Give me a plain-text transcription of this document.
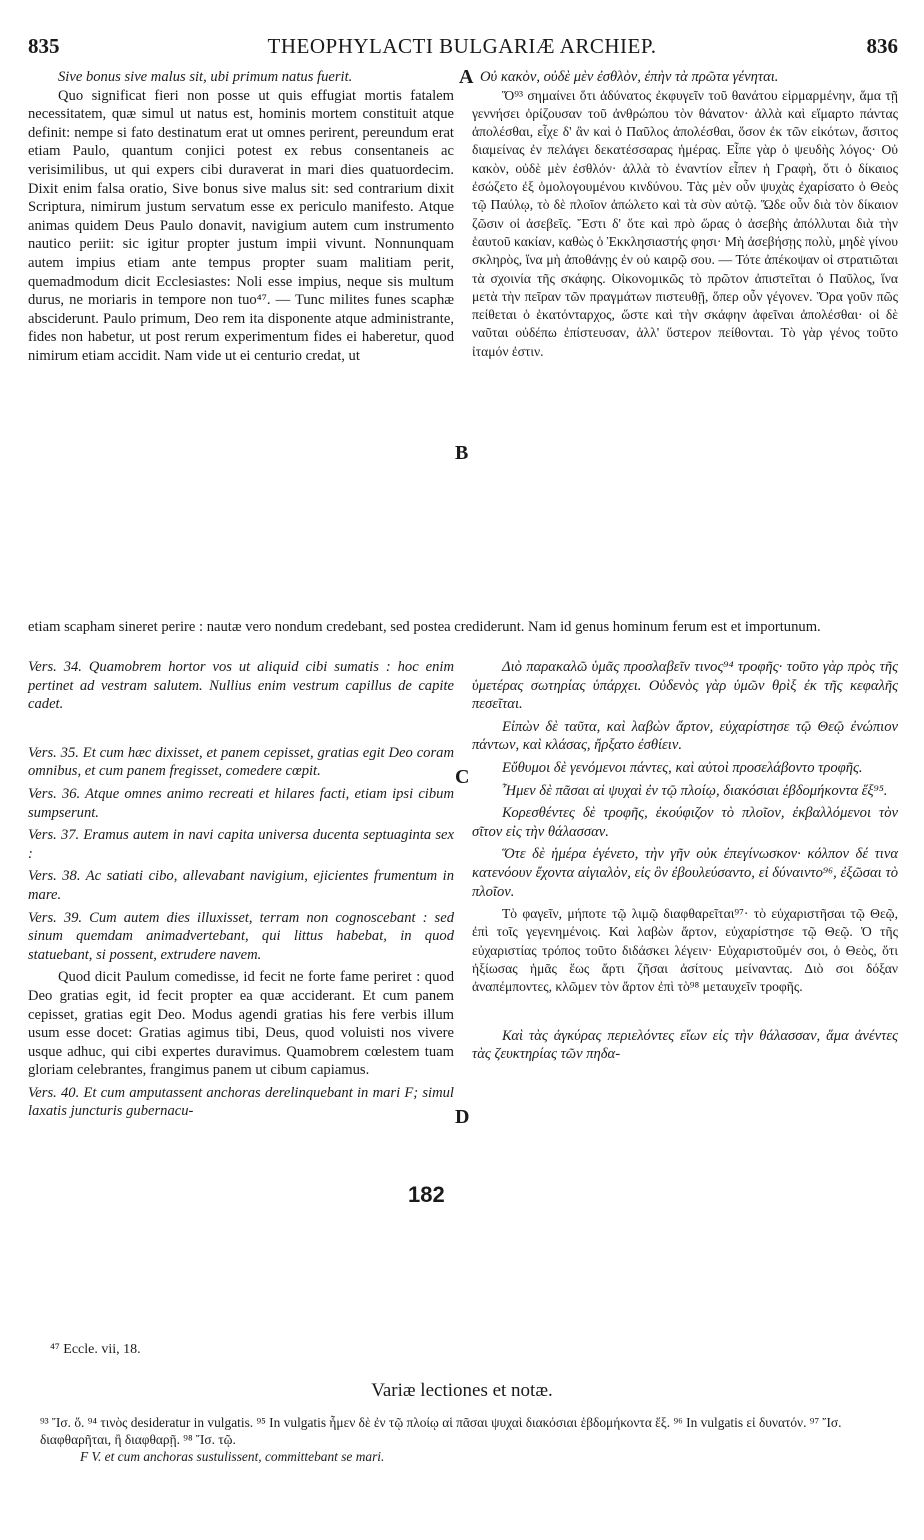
835	THEOPHYLACTI BULGARIÆ ARCHIEP.	836
A
B
C
D

Sive bonus sive malus sit, ubi primum natus fuerit.

Quo significat fieri non posse ut quis effugiat mortis fatalem necessitatem, quæ simul ut natus est, hominis mortem constituit atque definit: nempe si fato destinatum erat ut omnes perirent, pereundum erat etiam Paulo, quantum conjici potest ex rebus consentaneis ac verisimilibus, ut qui expers cibi duraverat in mari dies quatuordecim. Dixit enim falsa oratio, Sive bonus sive malus sit: sed contrarium dixit Scriptura, nimirum justum servatum esse ex periculo manifesto. Atque animas quidem Deus Paulo donavit, navigium autem cum instrumento nautico periit: sic igitur propter justum impii vivunt. Nonnunquam autem impius etiam ante tempus propter suam malitiam perit, quemadmodum dicit Ecclesiastes: Noli esse impius, neque sis multum durus, ne moriaris in tempore non tuo⁴⁷. — Tunc milites funes scaphæ absciderunt. Paulo primum, Deo rem ita disponente atque administrante, fides non habetur, ut post rerum experimentum fides ei haberetur, quod nimirum etiam accidit. Nam vide ut ei centurio credat, ut

etiam scapham sineret perire : nautæ vero nondum credebant, sed postea crediderunt. Nam id genus hominum ferum est et importunum.

Vers. 34. Quamobrem hortor vos ut aliquid cibi sumatis : hoc enim pertinet ad vestram salutem. Nullius enim vestrum capillus de capite cadet.

Vers. 35. Et cum hæc dixisset, et panem cepisset, gratias egit Deo coram omnibus, et cum panem fregisset, comedere cœpit.

Vers. 36. Atque omnes animo recreati et hilares facti, etiam ipsi cibum sumpserunt.

Vers. 37. Eramus autem in navi capita universa ducenta septuaginta sex :

Vers. 38. Ac satiati cibo, allevabant navigium, ejicientes frumentum in mare.

Vers. 39. Cum autem dies illuxisset, terram non cognoscebant : sed sinum quemdam animadvertebant, qui littus habebat, in quod statuebant, si possent, extrudere navem.

Quod dicit Paulum comedisse, id fecit ne forte fame periret : quod Deo gratias egit, id fecit propter ea quæ acciderant. Et cum panem cepisset, gratias egit Deo. Modus agendi gratias his fere verbis illum usum esse docet: Gratias agimus tibi, Deus, quod voluisti nos vivere usque adhuc, qui cibi expertes duravimus. Quamobrem cœlestem tuam gloriam celebrantes, frangimus panem ut cibum capiamus.

Vers. 40. Et cum amputassent anchoras derelinquebant in mari F; simul laxatis juncturis gubernacu-

182

Οὐ κακὸν, οὐδὲ μὲν ἐσθλὸν, ἐπὴν τὰ πρῶτα γένηται.

Ὅ⁹³ σημαίνει ὅτι ἀδύνατος ἐκφυγεῖν τοῦ θανάτου εἱρμαρμένην, ἅμα τῇ γεννήσει ὁρίζουσαν τοῦ ἀνθρώπου τὸν θάνατον· ἀλλὰ καὶ εἵμαρτο πάντας ἀπολέσθαι, εἶχε δ' ἂν καὶ ὁ Παῦλος ἀπολέσθαι, ὅσον ἐκ τῶν εἰκότων, ἄσιτος διαμείνας ἐν πελάγει δεκατέσσαρας ἡμέρας. Εἶπε γὰρ ὁ ψευδὴς λόγος· Οὐ κακὸν, οὐδὲ μὲν ἐσθλόν· ἀλλὰ τὸ ἐναντίον εἶπεν ἡ Γραφὴ, ὅτι ὁ δίκαιος ἐσώζετο ἐξ ὁμολογουμένου κινδύνου. Τὰς μὲν οὖν ψυχὰς ἐχαρίσατο ὁ Θεὸς τῷ Παύλῳ, τὸ δὲ πλοῖον ἀπώλετο καὶ τὰ σὺν αὐτῷ. Ὥδε οὖν διὰ τὸν δίκαιον ζῶσιν οἱ ἀσεβεῖς. Ἔστι δ' ὅτε καὶ πρὸ ὥρας ὁ ἀσεβὴς ἀπόλλυται διὰ τὴν ἑαυτοῦ κακίαν, καθὼς ὁ Ἐκκλησιαστής φησι· Μὴ ἀσεβήσῃς πολὺ, μηδὲ γίνου σκληρὸς, ἵνα μὴ ἀποθάνῃς ἐν οὐ καιρῷ σου. — Τότε ἀπέκοψαν οἱ στρατιῶται τὰ σχοινία τῆς σκάφης. Οἰκονομικῶς τὸ πρῶτον ἀπιστεῖται ὁ Παῦλος, ἵνα μετὰ τὴν πεῖραν τῶν πραγμάτων πιστευθῇ, ὅπερ οὖν γέγονεν. Ὅρα γοῦν πῶς πείθεται ὁ ἑκατόνταρχος, ὥστε καὶ τὴν σκάφην ἀφεῖναι ἀπολέσθαι· οἱ δὲ ναῦται οὐδέπω ἐπίστευσαν, ἀλλ' ὕστερον πείθονται. Τὸ γὰρ γένος τοῦτο ἰταμόν ἐστιν.

Διὸ παρακαλῶ ὑμᾶς προσλαβεῖν τινος⁹⁴ τροφῆς· τοῦτο γὰρ πρὸς τῆς ὑμετέρας σωτηρίας ὑπάρχει. Οὐδενὸς γὰρ ὑμῶν θρὶξ ἐκ τῆς κεφαλῆς πεσεῖται.

Εἰπὼν δὲ ταῦτα, καὶ λαβὼν ἄρτον, εὐχαρίστησε τῷ Θεῷ ἐνώπιον πάντων, καὶ κλάσας, ἤρξατο ἐσθίειν.

Εὔθυμοι δὲ γενόμενοι πάντες, καὶ αὐτοὶ προσελάβοντο τροφῆς.

Ἦμεν δὲ πᾶσαι αἱ ψυχαὶ ἐν τῷ πλοίῳ, διακόσιαι ἑβδομήκοντα ἕξ⁹⁵.

Κορεσθέντες δὲ τροφῆς, ἐκούφιζον τὸ πλοῖον, ἐκβαλλόμενοι τὸν σῖτον εἰς τὴν θάλασσαν.

Ὅτε δὲ ἡμέρα ἐγένετο, τὴν γῆν οὐκ ἐπεγίνωσκον· κόλπον δέ τινα κατενόουν ἔχοντα αἰγιαλὸν, εἰς ὃν ἐβουλεύσαντο, εἰ δύναιντο⁹⁶, ἐξῶσαι τὸ πλοῖον.

Τὸ φαγεῖν, μήποτε τῷ λιμῷ διαφθαρεῖται⁹⁷· τὸ εὐχαριστῆσαι τῷ Θεῷ, ἐπὶ τοῖς γεγενημένοις. Καὶ λαβὼν ἄρτον, εὐχαρίστησε τῷ Θεῷ. Ὁ τῆς εὐχαριστίας τρόπος τοῦτο διδάσκει λέγειν· Εὐχαριστοῦμέν σοι, ὁ Θεὸς, ὅτι ἠξίωσας ἡμᾶς ἕως ἄρτι ζῆσαι ἀσίτους μείναντας. Διὸ σοι δόξαν ἀναπέμποντες, κλῶμεν τὸν ἄρτον ἐπὶ τὸ⁹⁸ μεταυχεῖν τροφῆς.

Καὶ τὰς ἀγκύρας περιελόντες εἴων εἰς τὴν θάλασσαν, ἅμα ἀνέντες τὰς ζευκτηρίας τῶν πηδα-

⁴⁷ Eccle. vii, 18.
Variæ lectiones et notæ.

⁹³ Ἴσ. ὅ. ⁹⁴ τινὸς desideratur in vulgatis. ⁹⁵ In vulgatis ἦμεν δὲ ἐν τῷ πλοίῳ αἱ πᾶσαι ψυχαὶ διακόσιαι ἑβδομήκοντα ἕξ. ⁹⁶ In vulgatis εἰ δυνατόν. ⁹⁷ Ἴσ. διαφθαρῆται, ἢ διαφθαρῇ. ⁹⁸ Ἴσ. τῷ.

F V. et cum anchoras sustulissent, committebant se mari.
